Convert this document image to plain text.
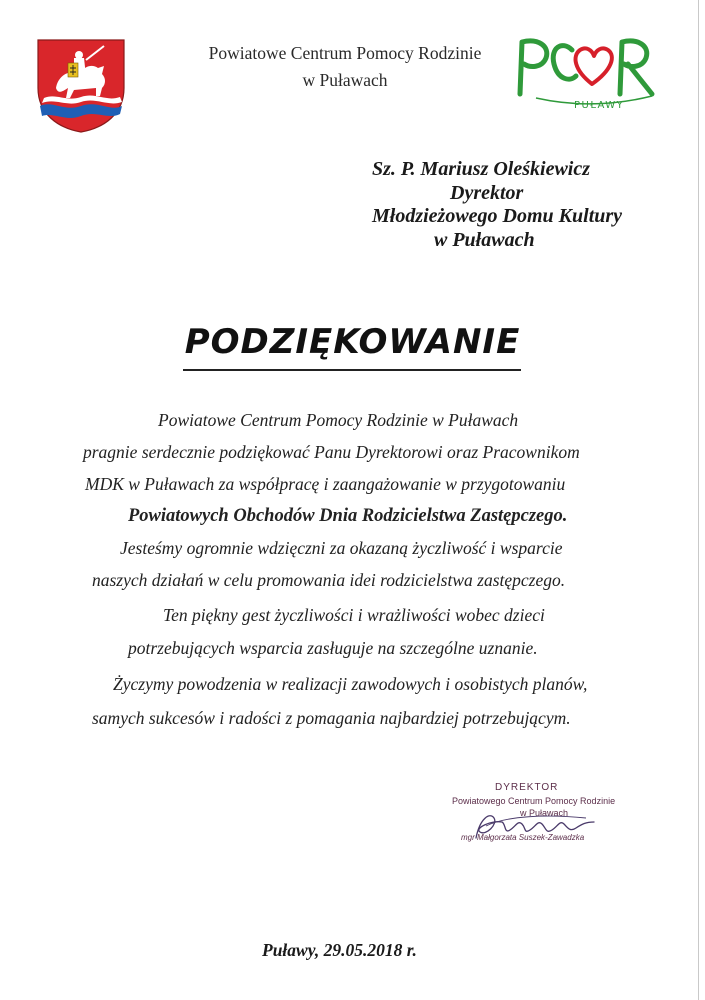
Powiatowe Centrum Pomocy Rodzinie
w Puławach
PUŁAWY
Sz. P. Mariusz Oleśkiewicz
Dyrektor
Młodzieżowego Domu Kultury
w Puławach
PODZIĘKOWANIE
Powiatowe Centrum Pomocy Rodzinie w Puławach
pragnie serdecznie podziękować Panu Dyrektorowi oraz Pracownikom
MDK w Puławach za współpracę i zaangażowanie w przygotowaniu
Powiatowych Obchodów Dnia Rodzicielstwa Zastępczego.
Jesteśmy ogromnie wdzięczni za okazaną życzliwość i wsparcie
naszych działań w celu promowania idei rodzicielstwa zastępczego.
Ten piękny gest życzliwości i wrażliwości wobec dzieci
potrzebujących wsparcia zasługuje na szczególne uznanie.
Życzymy powodzenia w realizacji zawodowych i osobistych planów,
samych sukcesów i radości z pomagania najbardziej potrzebującym.
DYREKTOR
Powiatowego Centrum Pomocy Rodzinie
w Puławach
mgr Małgorzata Suszek-Zawadzka
Puławy, 29.05.2018 r.
